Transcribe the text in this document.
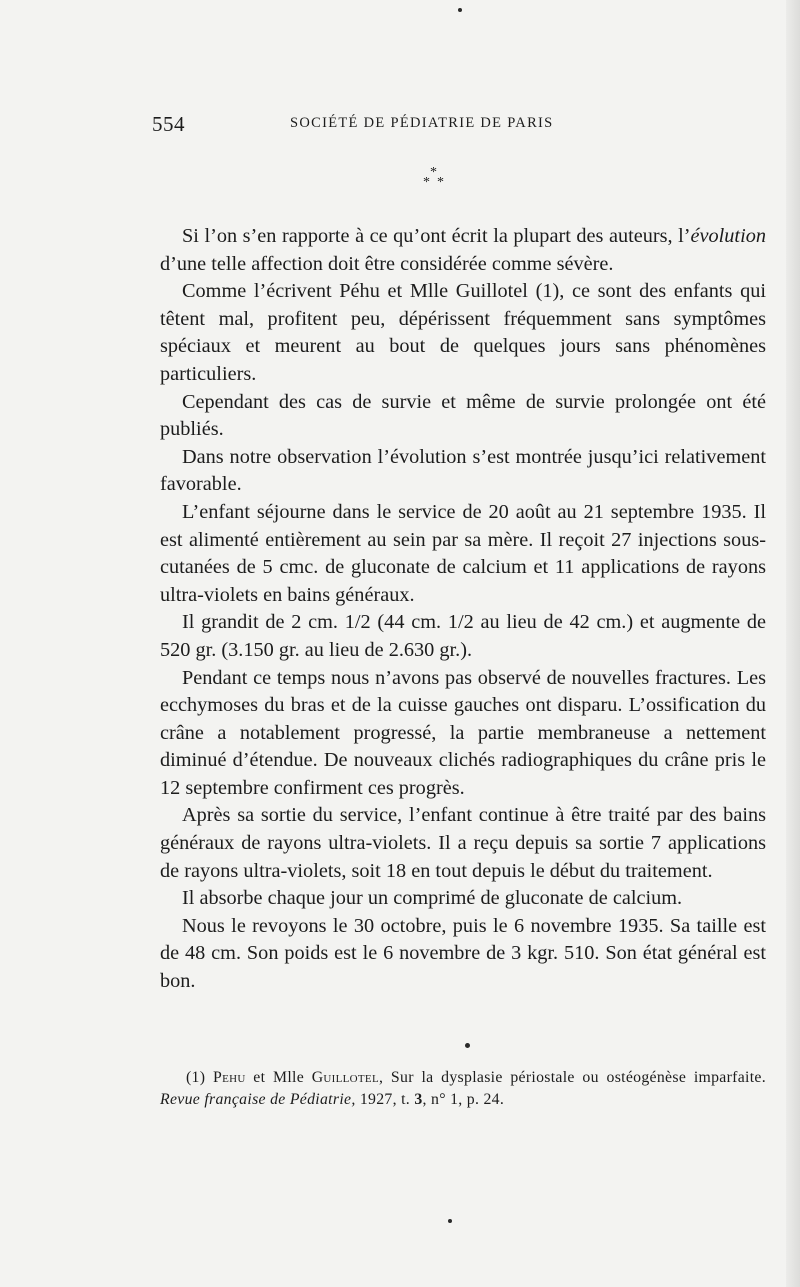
554	SOCIÉTÉ DE PÉDIATRIE DE PARIS
*
* *

Si l’on s’en rapporte à ce qu’ont écrit la plupart des auteurs, l’évolution d’une telle affection doit être considérée comme sévère.

Comme l’écrivent Péhu et Mlle Guillotel (1), ce sont des enfants qui têtent mal, profitent peu, dépérissent fréquemment sans symptômes spéciaux et meurent au bout de quelques jours sans phénomènes particuliers.

Cependant des cas de survie et même de survie prolongée ont été publiés.

Dans notre observation l’évolution s’est montrée jusqu’ici relativement favorable.

L’enfant séjourne dans le service de 20 août au 21 septembre 1935. Il est alimenté entièrement au sein par sa mère. Il reçoit 27 injections sous-cutanées de 5 cmc. de gluconate de calcium et 11 applications de rayons ultra-violets en bains généraux.

Il grandit de 2 cm. 1/2 (44 cm. 1/2 au lieu de 42 cm.) et augmente de 520 gr. (3.150 gr. au lieu de 2.630 gr.).

Pendant ce temps nous n’avons pas observé de nouvelles fractures. Les ecchymoses du bras et de la cuisse gauches ont disparu. L’ossification du crâne a notablement progressé, la partie membraneuse a nettement diminué d’étendue. De nouveaux clichés radiographiques du crâne pris le 12 septembre confirment ces progrès.

Après sa sortie du service, l’enfant continue à être traité par des bains généraux de rayons ultra-violets. Il a reçu depuis sa sortie 7 applications de rayons ultra-violets, soit 18 en tout depuis le début du traitement.

Il absorbe chaque jour un comprimé de gluconate de calcium.

Nous le revoyons le 30 octobre, puis le 6 novembre 1935. Sa taille est de 48 cm. Son poids est le 6 novembre de 3 kgr. 510. Son état général est bon.

(1) Pehu et Mlle Guillotel, Sur la dysplasie périostale ou ostéogénèse imparfaite. Revue française de Pédiatrie, 1927, t. 3, n° 1, p. 24.
